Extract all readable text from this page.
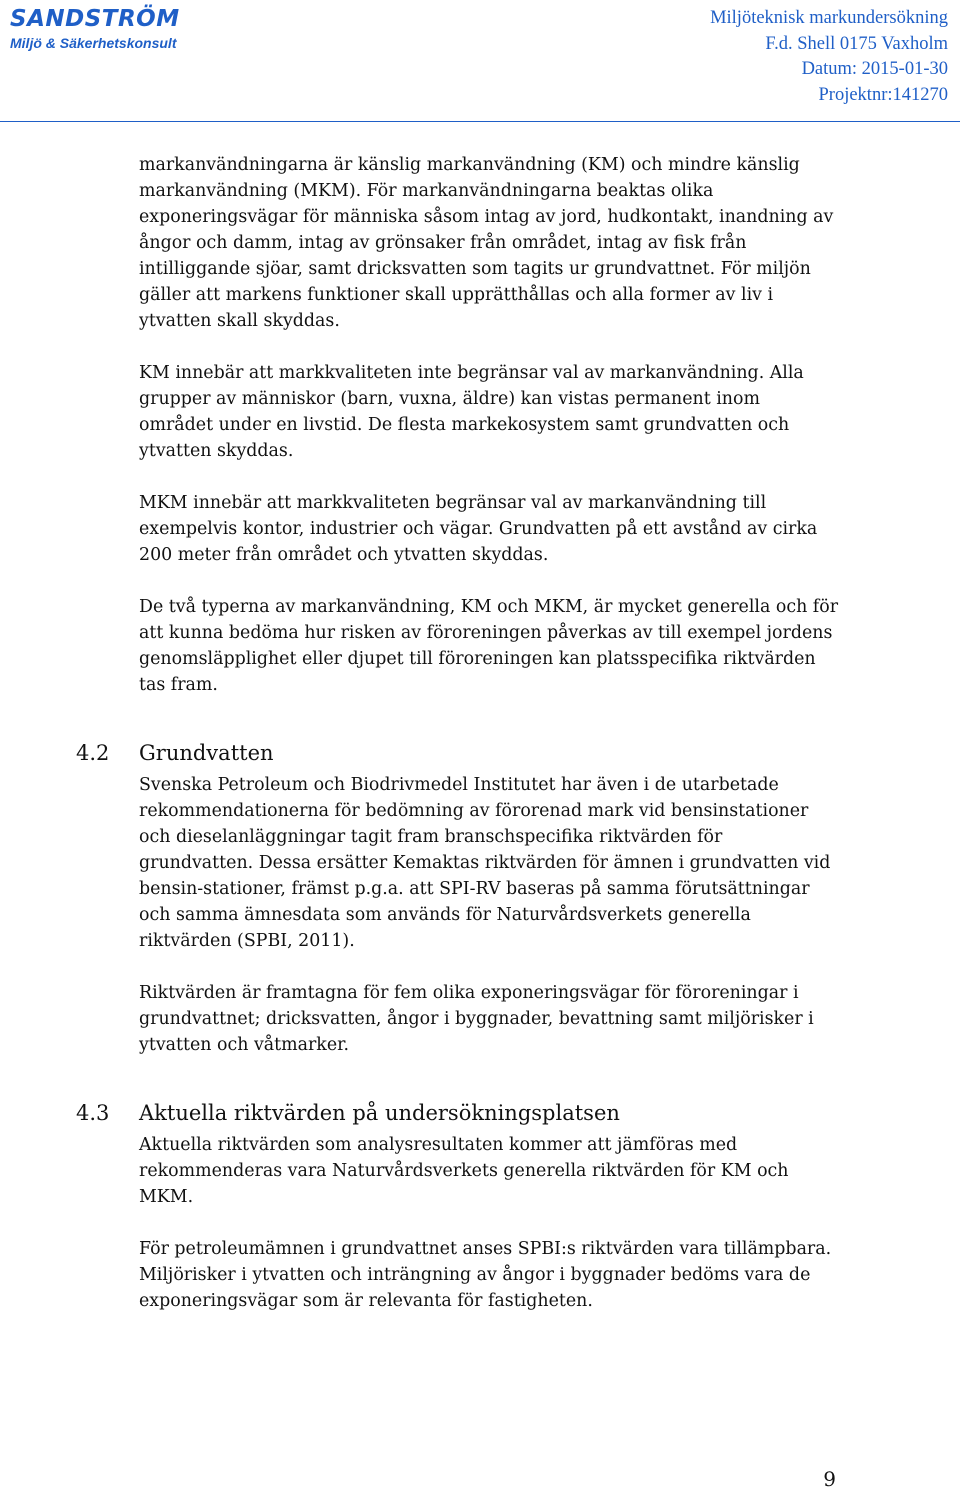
SANDSTRÖM
Miljö & Säkerhetskonsult
Miljöteknisk markundersökning
F.d. Shell 0175 Vaxholm
Datum: 2015-01-30
Projektnr:141270

markanvändningarna är känslig markanvändning (KM) och mindre känslig markanvändning (MKM). För markanvändningarna beaktas olika exponeringsvägar för människa såsom intag av jord, hudkontakt, inandning av ångor och damm, intag av grönsaker från området, intag av fisk från intilliggande sjöar, samt dricksvatten som tagits ur grundvattnet. För miljön gäller att markens funktioner skall upprätthållas och alla former av liv i ytvatten skall skyddas.

KM innebär att markkvaliteten inte begränsar val av markanvändning. Alla grupper av människor (barn, vuxna, äldre) kan vistas permanent inom området under en livstid. De flesta markekosystem samt grundvatten och ytvatten skyddas.

MKM innebär att markkvaliteten begränsar val av markanvändning till exempelvis kontor, industrier och vägar. Grundvatten på ett avstånd av cirka 200 meter från området och ytvatten skyddas.

De två typerna av markanvändning, KM och MKM, är mycket generella och för att kunna bedöma hur risken av föroreningen påverkas av till exempel jordens genomsläpplighet eller djupet till föroreningen kan platsspecifika riktvärden tas fram.

4.2 Grundvatten

Svenska Petroleum och Biodrivmedel Institutet har även i de utarbetade rekommendationerna för bedömning av förorenad mark vid bensinstationer och dieselanläggningar tagit fram branschspecifika riktvärden för grundvatten. Dessa ersätter Kemaktas riktvärden för ämnen i grundvatten vid bensin-stationer, främst p.g.a. att SPI-RV baseras på samma förutsättningar och samma ämnesdata som används för Naturvårdsverkets generella riktvärden (SPBI, 2011).

Riktvärden är framtagna för fem olika exponeringsvägar för föroreningar i grundvattnet; dricksvatten, ångor i byggnader, bevattning samt miljörisker i ytvatten och våtmarker.

4.3 Aktuella riktvärden på undersökningsplatsen

Aktuella riktvärden som analysresultaten kommer att jämföras med rekommenderas vara Naturvårdsverkets generella riktvärden för KM och MKM.

För petroleumämnen i grundvattnet anses SPBI:s riktvärden vara tillämpbara. Miljörisker i ytvatten och inträngning av ångor i byggnader bedöms vara de exponeringsvägar som är relevanta för fastigheten.

9
